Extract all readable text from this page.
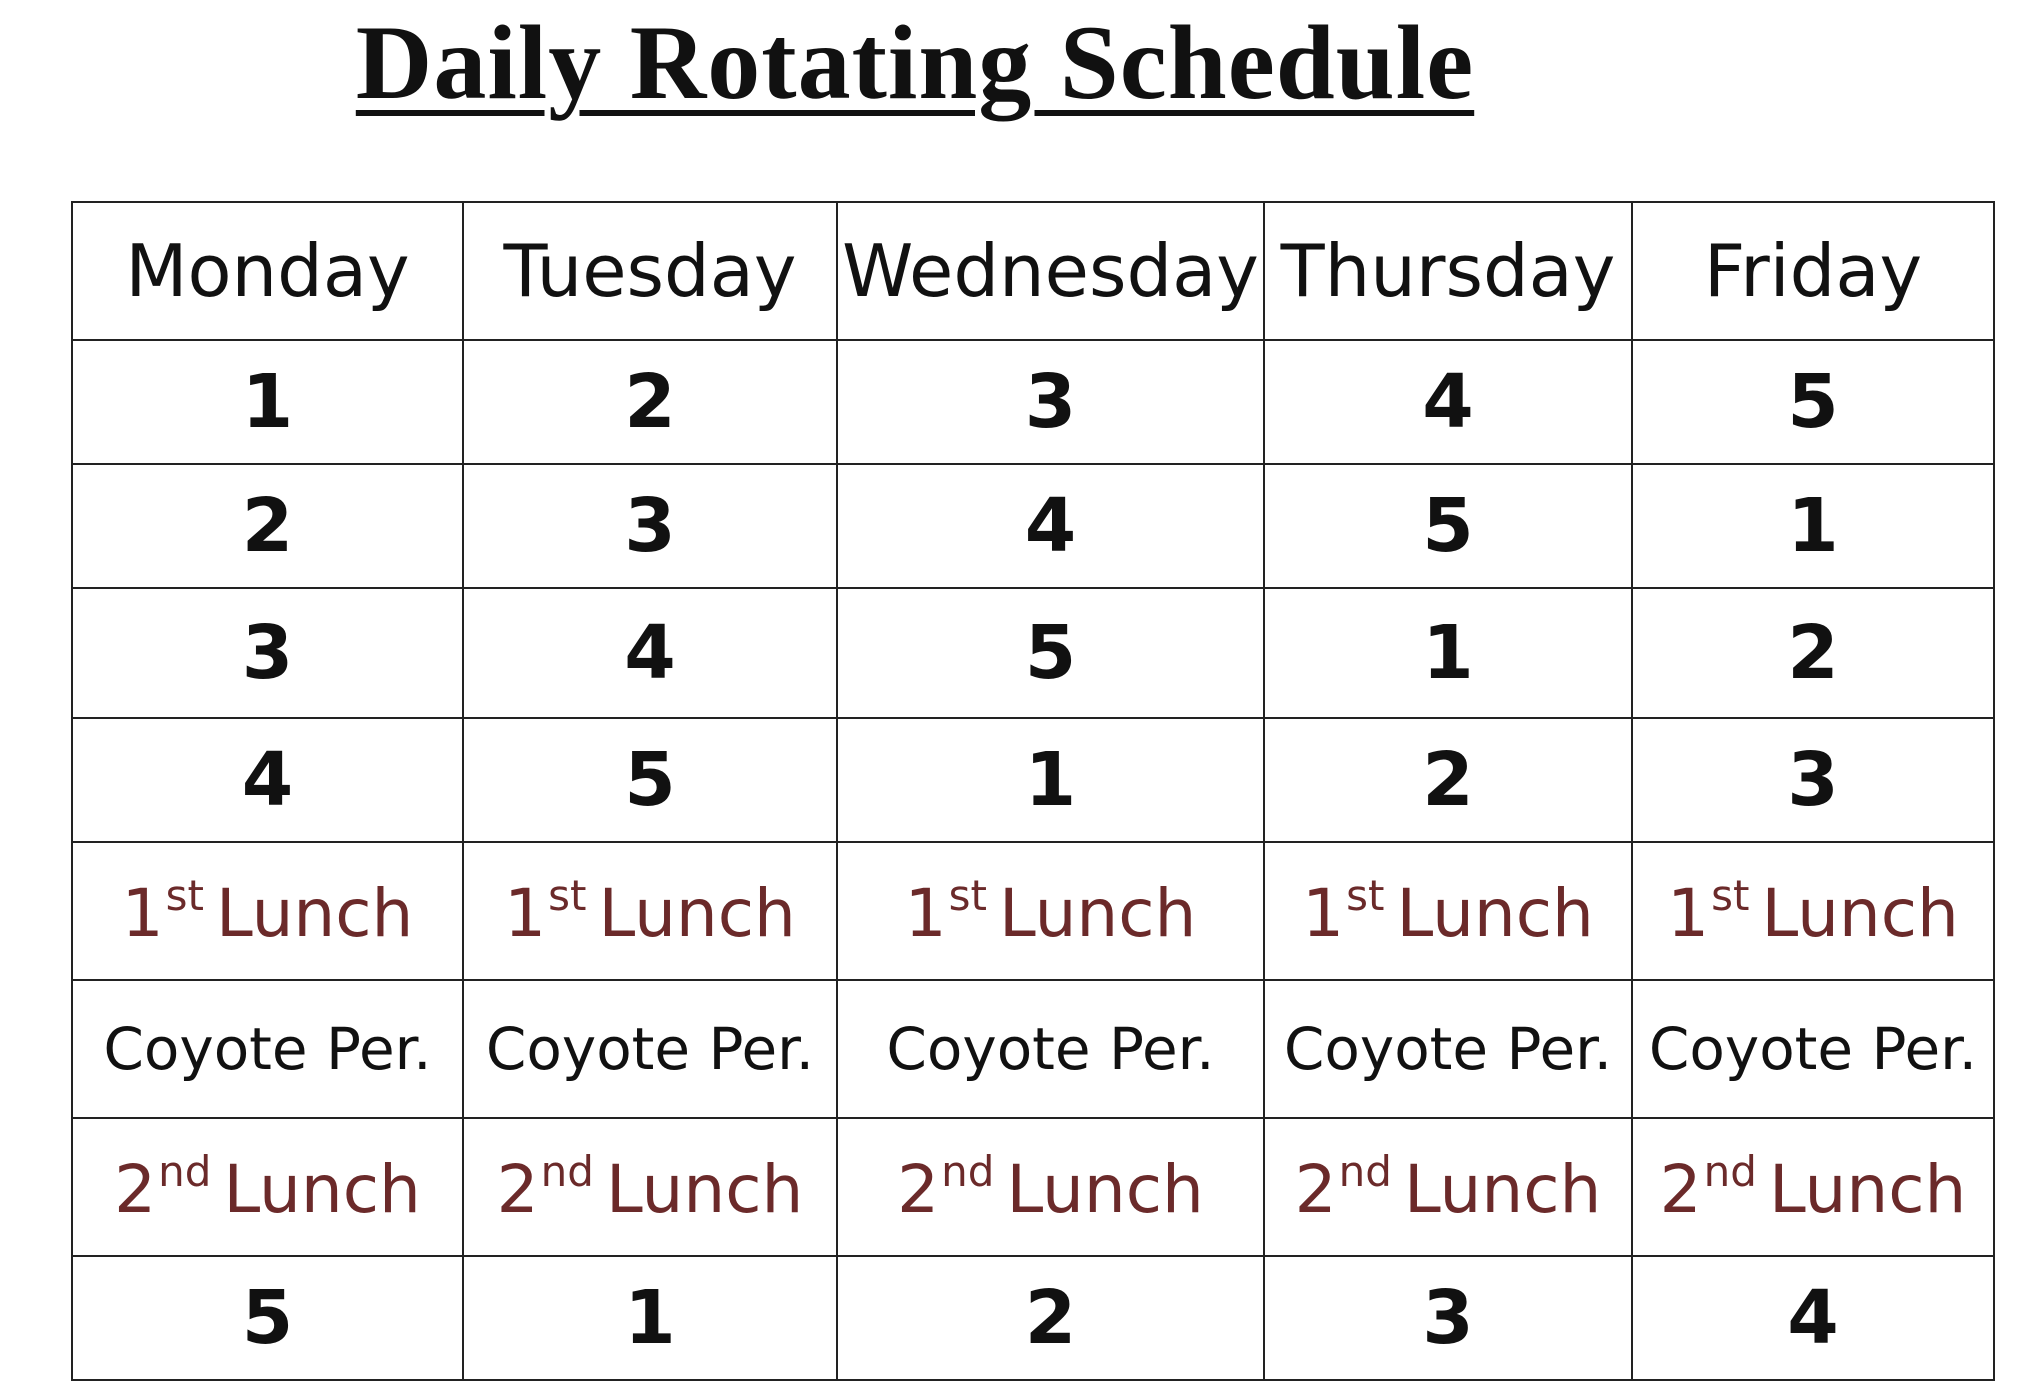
Daily Rotating Schedule
Monday	Tuesday	Wednesday	Thursday	Friday
1	2	3	4	5
2	3	4	5	1
3	4	5	1	2
4	5	1	2	3
1st Lunch	1st Lunch	1st Lunch	1st Lunch	1st Lunch
Coyote Per.	Coyote Per.	Coyote Per.	Coyote Per.	Coyote Per.
2nd Lunch	2nd Lunch	2nd Lunch	2nd Lunch	2nd Lunch
5	1	2	3	4
